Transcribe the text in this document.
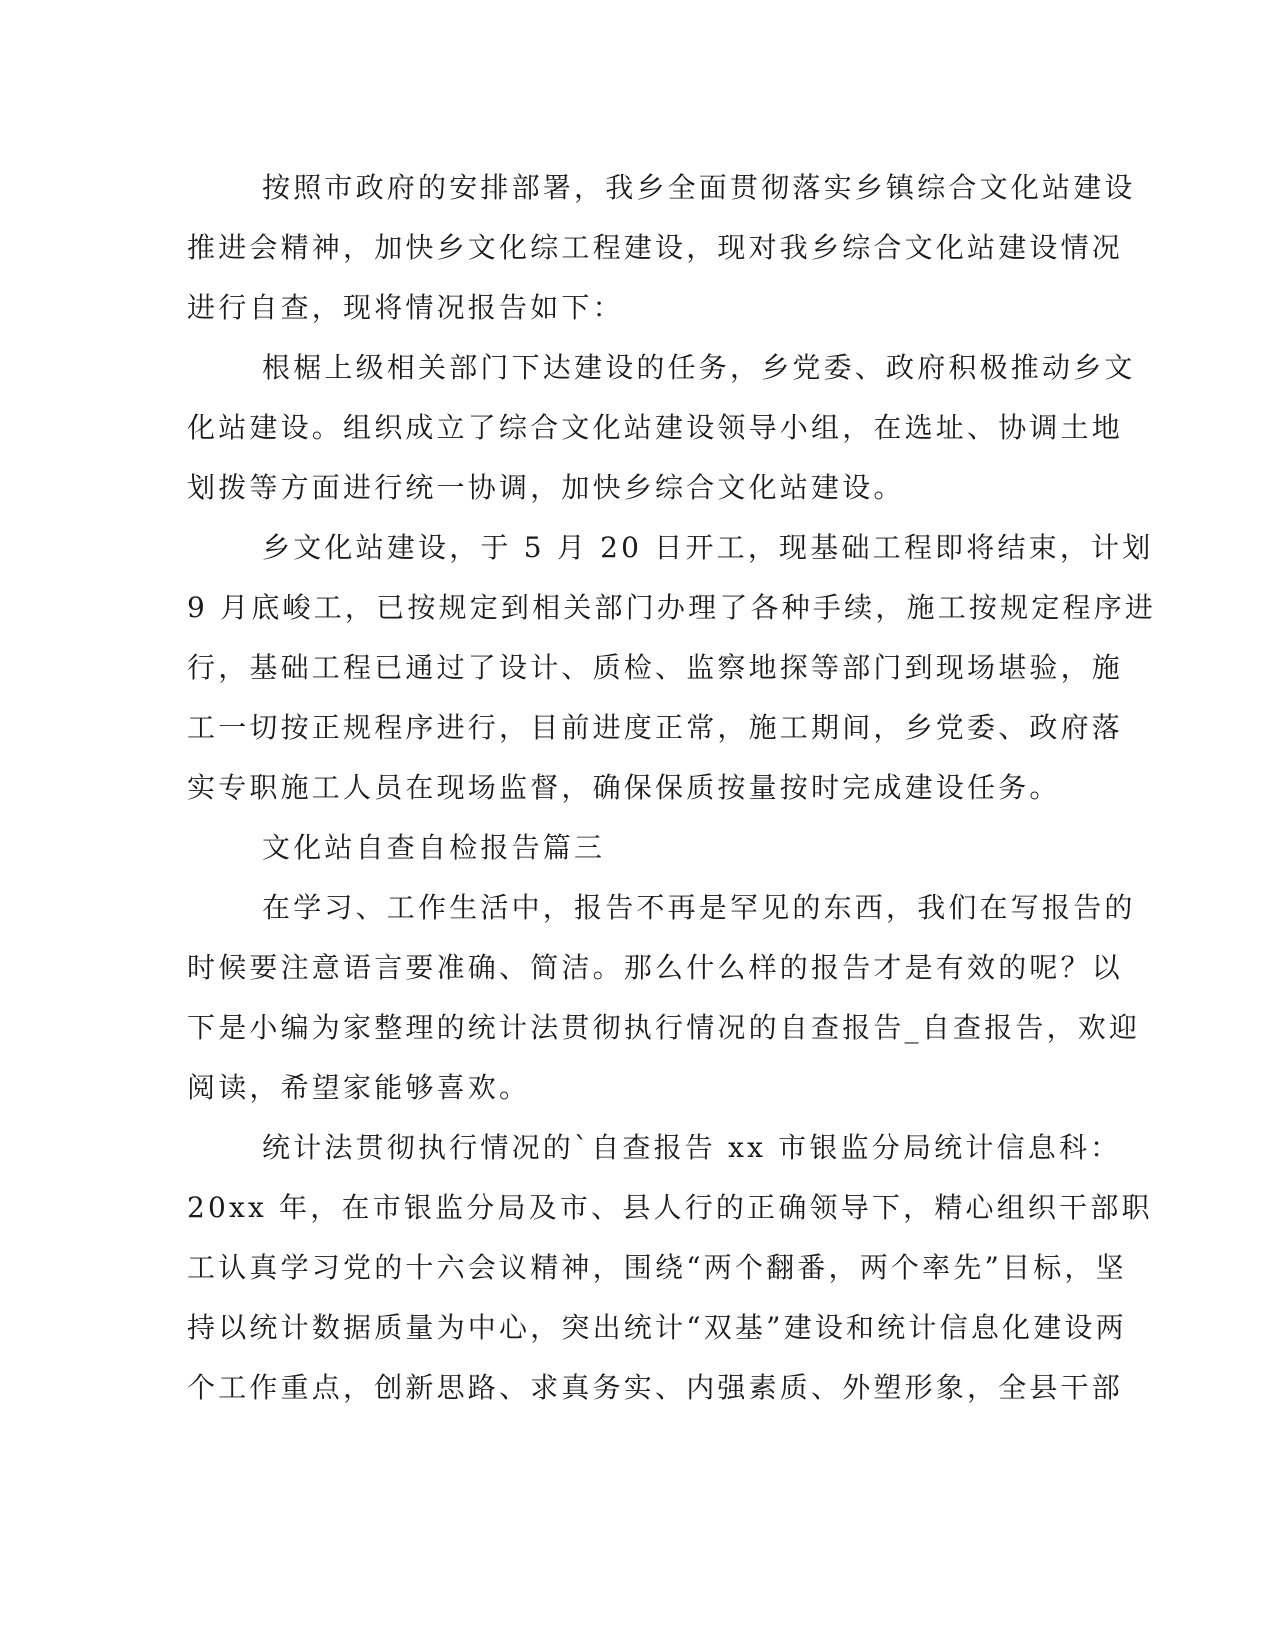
按照市政府的安排部署，我乡全面贯彻落实乡镇综合文化站建设
推进会精神，加快乡文化综工程建设，现对我乡综合文化站建设情况
进行自查，现将情况报告如下：
根椐上级相关部门下达建设的任务，乡党委、政府积极推动乡文
化站建设。组织成立了综合文化站建设领导小组，在选址、协调土地
划拨等方面进行统一协调，加快乡综合文化站建设。
乡文化站建设，于 5 月 20 日开工，现基础工程即将结束，计划
9 月底峻工，已按规定到相关部门办理了各种手续，施工按规定程序进
行，基础工程已通过了设计、质检、监察地探等部门到现场堪验，施
工一切按正规程序进行，目前进度正常，施工期间，乡党委、政府落
实专职施工人员在现场监督，确保保质按量按时完成建设任务。
文化站自查自检报告篇三
在学习、工作生活中，报告不再是罕见的东西，我们在写报告的
时候要注意语言要准确、简洁。那么什么样的报告才是有效的呢？以
下是小编为家整理的统计法贯彻执行情况的自查报告_自查报告，欢迎
阅读，希望家能够喜欢。
统计法贯彻执行情况的`自查报告 xx 市银监分局统计信息科：
20xx 年，在市银监分局及市、县人行的正确领导下，精心组织干部职
工认真学习党的十六会议精神，围绕“两个翻番，两个率先”目标，坚
持以统计数据质量为中心，突出统计“双基”建设和统计信息化建设两
个工作重点，创新思路、求真务实、内强素质、外塑形象，全县干部
